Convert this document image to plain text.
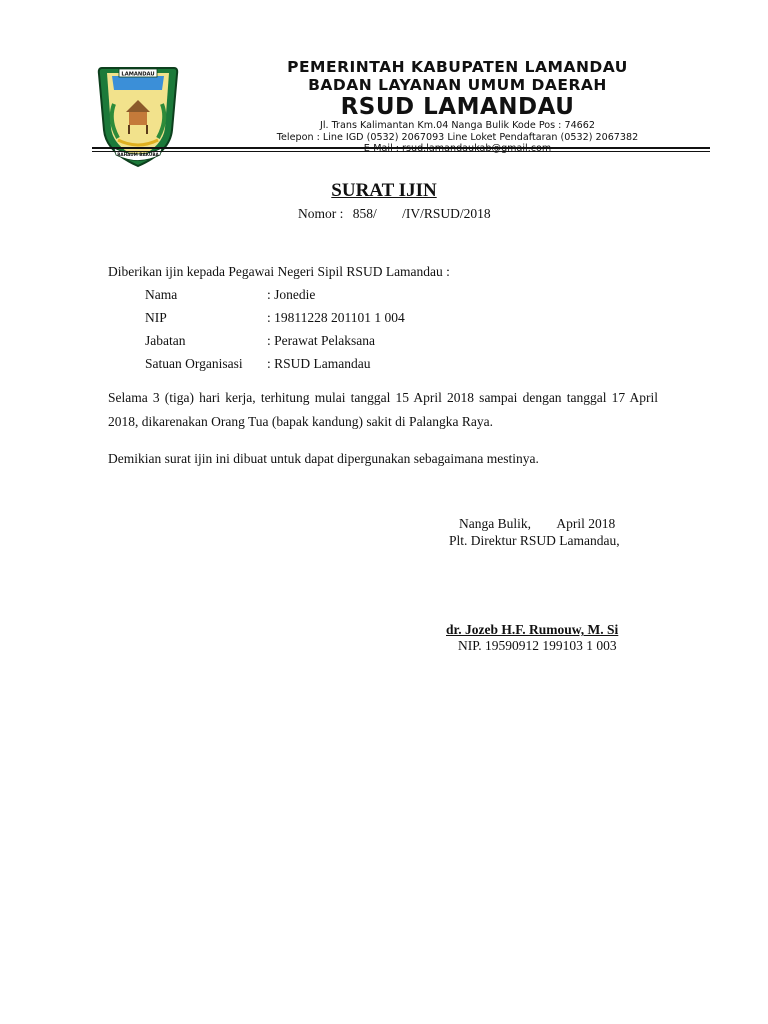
LAMANDAU
BAHAUM BAKUBA
PEMERINTAH KABUPATEN LAMANDAU
BADAN LAYANAN UMUM DAERAH
RSUD LAMANDAU
Jl. Trans Kalimantan Km.04 Nanga Bulik Kode Pos : 74662
Telepon : Line IGD (0532) 2067093 Line Loket Pendaftaran (0532) 2067382
SURAT IJIN
Nomor : 858/ /IV/RSUD/2018
Diberikan ijin kepada Pegawai Negeri Sipil RSUD Lamandau :
Nama	: Jonedie
NIP	: 19811228 201101 1 004
Jabatan	: Perawat Pelaksana
Satuan Organisasi : RSUD Lamandau
Selama 3 (tiga) hari kerja, terhitung mulai tanggal 15 April 2018 sampai dengan tanggal 17 April 2018, dikarenakan Orang Tua (bapak kandung) sakit di Palangka Raya.
Demikian surat ijin ini dibuat untuk dapat dipergunakan sebagaimana mestinya.
Nanga Bulik, April 2018
Plt. Direktur RSUD Lamandau,
dr. Jozeb H.F. Rumouw, M. Si
NIP. 19590912 199103 1 003
